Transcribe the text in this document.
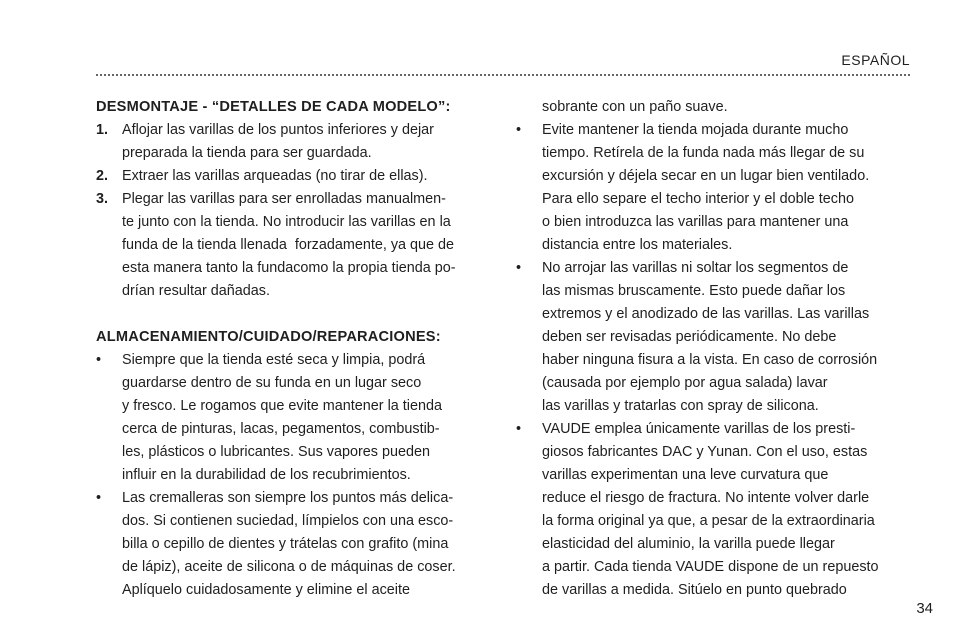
ESPAÑOL
DESMONTAJE - “DETALLES DE CADA MODELO”:
1. Aflojar las varillas de los puntos inferiores y dejar
preparada la tienda para ser guardada.
2. Extraer las varillas arqueadas (no tirar de ellas).
3. Plegar las varillas para ser enrolladas manualmen-
te junto con la tienda. No introducir las varillas en la
funda de la tienda llenada  forzadamente, ya que de
esta manera tanto la fundacomo la propia tienda po-
drían resultar dañadas.
ALMACENAMIENTO/CUIDADO/REPARACIONES:
•	Siempre que la tienda esté seca y limpia, podrá
guardarse dentro de su funda en un lugar seco
y fresco. Le rogamos que evite mantener la tienda
cerca de pinturas, lacas, pegamentos, combustib-
les, plásticos o lubricantes. Sus vapores pueden
influir en la durabilidad de los recubrimientos.
•	Las cremalleras son siempre los puntos más delica-
dos. Si contienen suciedad, límpielos con una esco-
billa o cepillo de dientes y trátelas con grafito (mina
de lápiz), aceite de silicona o de máquinas de coser.
Aplíquelo cuidadosamente y elimine el aceite
sobrante con un paño suave.
•	Evite mantener la tienda mojada durante mucho
tiempo. Retírela de la funda nada más llegar de su
excursión y déjela secar en un lugar bien ventilado.
Para ello separe el techo interior y el doble techo
o bien introduzca las varillas para mantener una
distancia entre los materiales.
•	No arrojar las varillas ni soltar los segmentos de
las mismas bruscamente. Esto puede dañar los
extremos y el anodizado de las varillas. Las varillas
deben ser revisadas periódicamente. No debe
haber ninguna fisura a la vista. En caso de corrosión
(causada por ejemplo por agua salada) lavar
las varillas y tratarlas con spray de silicona.
•	VAUDE emplea únicamente varillas de los presti-
giosos fabricantes DAC y Yunan. Con el uso, estas
varillas experimentan una leve curvatura que
reduce el riesgo de fractura. No intente volver darle
la forma original ya que, a pesar de la extraordinaria
elasticidad del aluminio, la varilla puede llegar
a partir. Cada tienda VAUDE dispone de un repuesto
de varillas a medida. Sitúelo en punto quebrado
34
